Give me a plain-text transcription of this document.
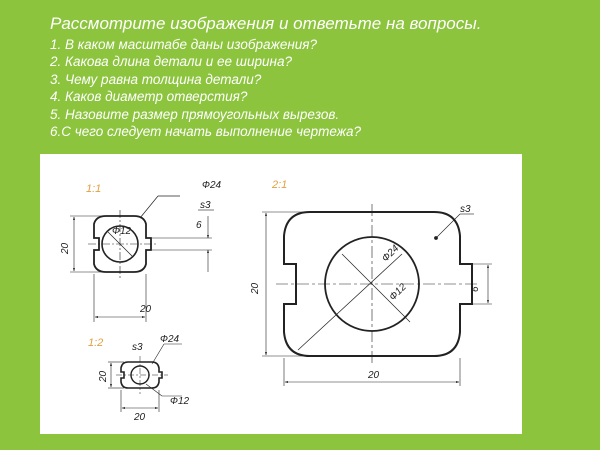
Рассмотрите изображения и ответьте на вопросы.
1. В каком масштабе даны изображения?
2. Какова длина детали и ее ширина?
3. Чему равна толщина детали?
4. Каков диаметр отверстия?
5. Назовите размер прямоугольных вырезов.
6.С чего следует начать выполнение чертежа?
1:1	Ф24
s3
Ф12
20
20
6
2:1
s3
Ф24
Ф12
20
20	6
1:2	Ф24
s3
Ф12
20
20
